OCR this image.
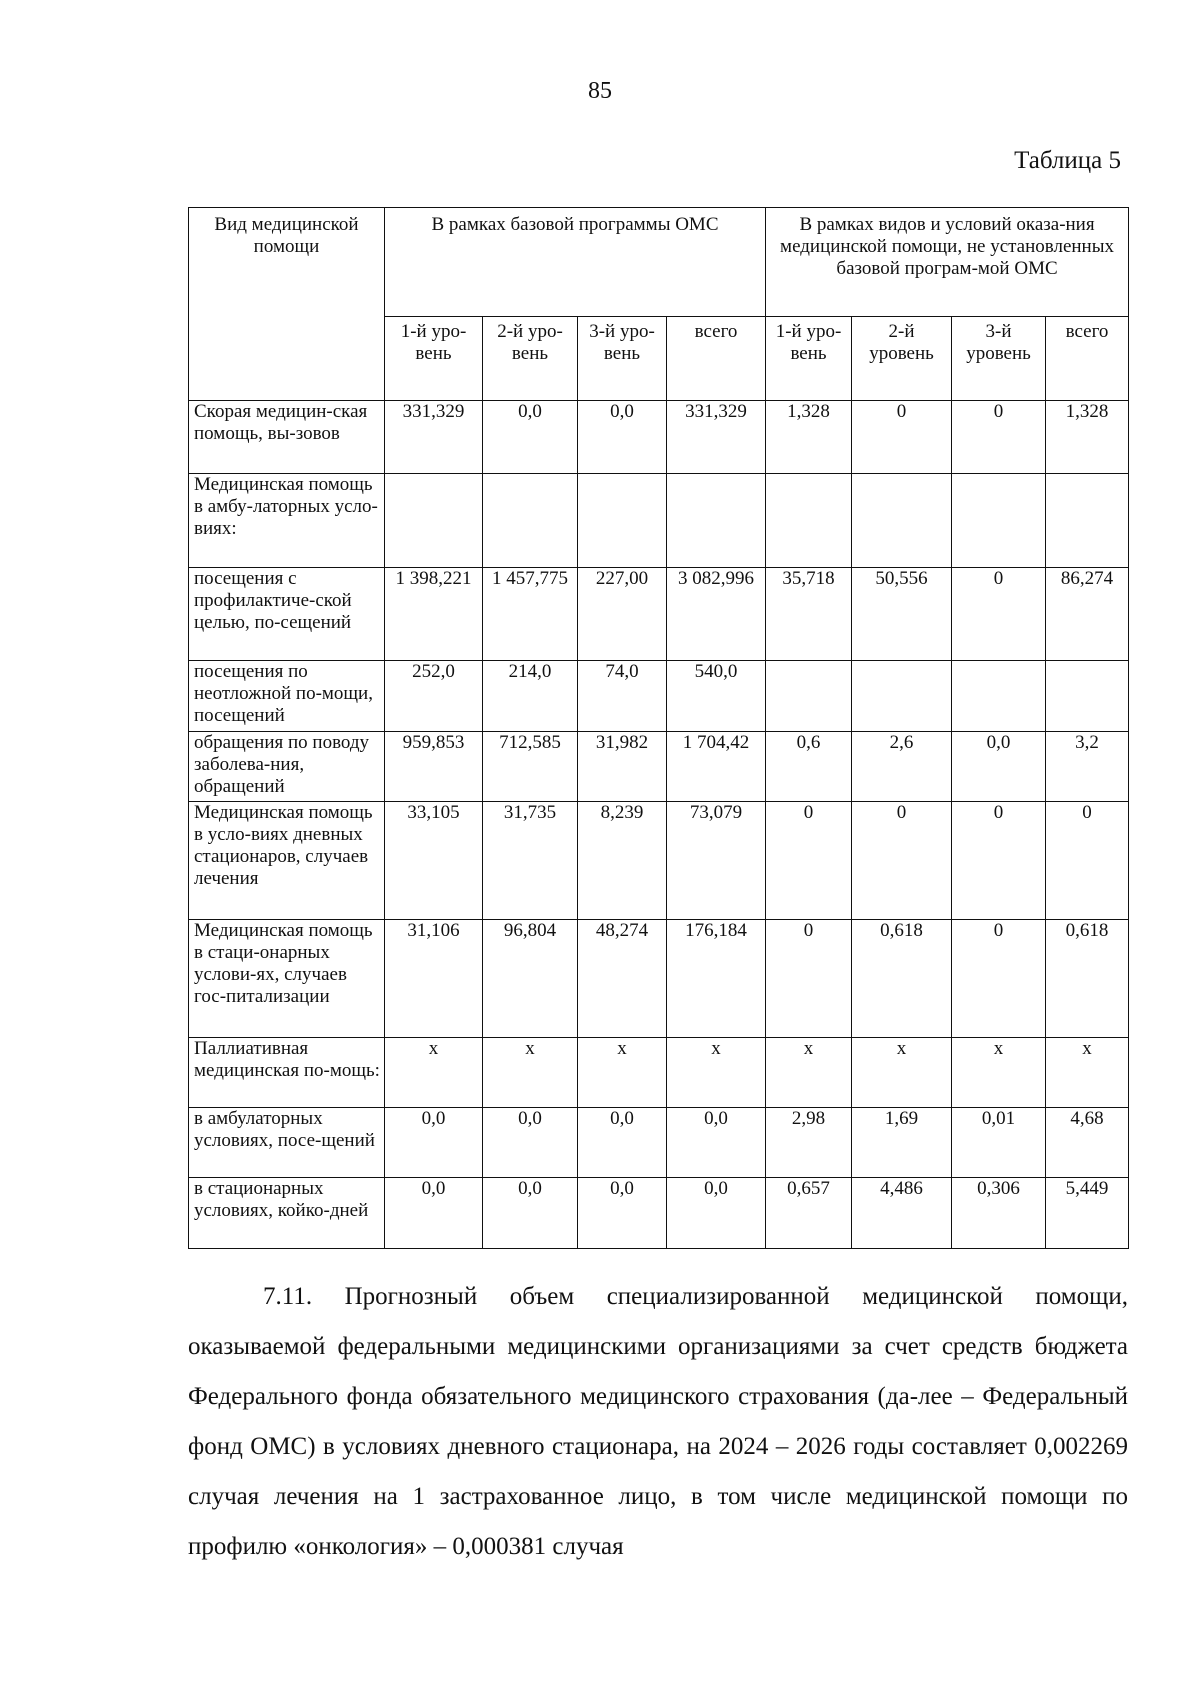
85
Таблица 5
Вид медицинской помощи	В рамках базовой программы ОМС				В рамках видов и условий оказа-ния медицинской помощи, не установленных базовой програм-мой ОМС			
	1-й уро-вень	2-й уро-вень	3-й уро-вень	всего	1-й уро-вень	2-й уровень	3-й уровень	всего
Скорая медицин-ская помощь, вы-зовов	331,329	0,0	0,0	331,329	1,328	0	0	1,328
Медицинская помощь в амбу-латорных усло-виях:								
посещения с профилактиче-ской целью, по-сещений	1 398,221	1 457,775	227,00	3 082,996	35,718	50,556	0	86,274
посещения по неотложной по-мощи, посещений	252,0	214,0	74,0	540,0				
обращения по поводу заболева-ния, обращений	959,853	712,585	31,982	1 704,42	0,6	2,6	0,0	3,2
Медицинская помощь в усло-виях дневных стационаров, случаев лечения	33,105	31,735	8,239	73,079	0	0	0	0
Медицинская помощь в стаци-онарных услови-ях, случаев гос-питализации	31,106	96,804	48,274	176,184	0	0,618	0	0,618
Паллиативная медицинская по-мощь:	x	x	x	x	x	x	x	x
в амбулаторных условиях, посе-щений	0,0	0,0	0,0	0,0	2,98	1,69	0,01	4,68
в стационарных условиях, койко-дней	0,0	0,0	0,0	0,0	0,657	4,486	0,306	5,449

7.11. Прогнозный объем специализированной медицинской помощи, оказываемой федеральными медицинскими организациями за счет средств бюджета Федерального фонда обязательного медицинского страхования (да-лее – Федеральный фонд ОМС) в условиях дневного стационара, на 2024 – 2026 годы составляет 0,002269 случая лечения на 1 застрахованное лицо, в том числе медицинской помощи по профилю «онкология» – 0,000381 случая
